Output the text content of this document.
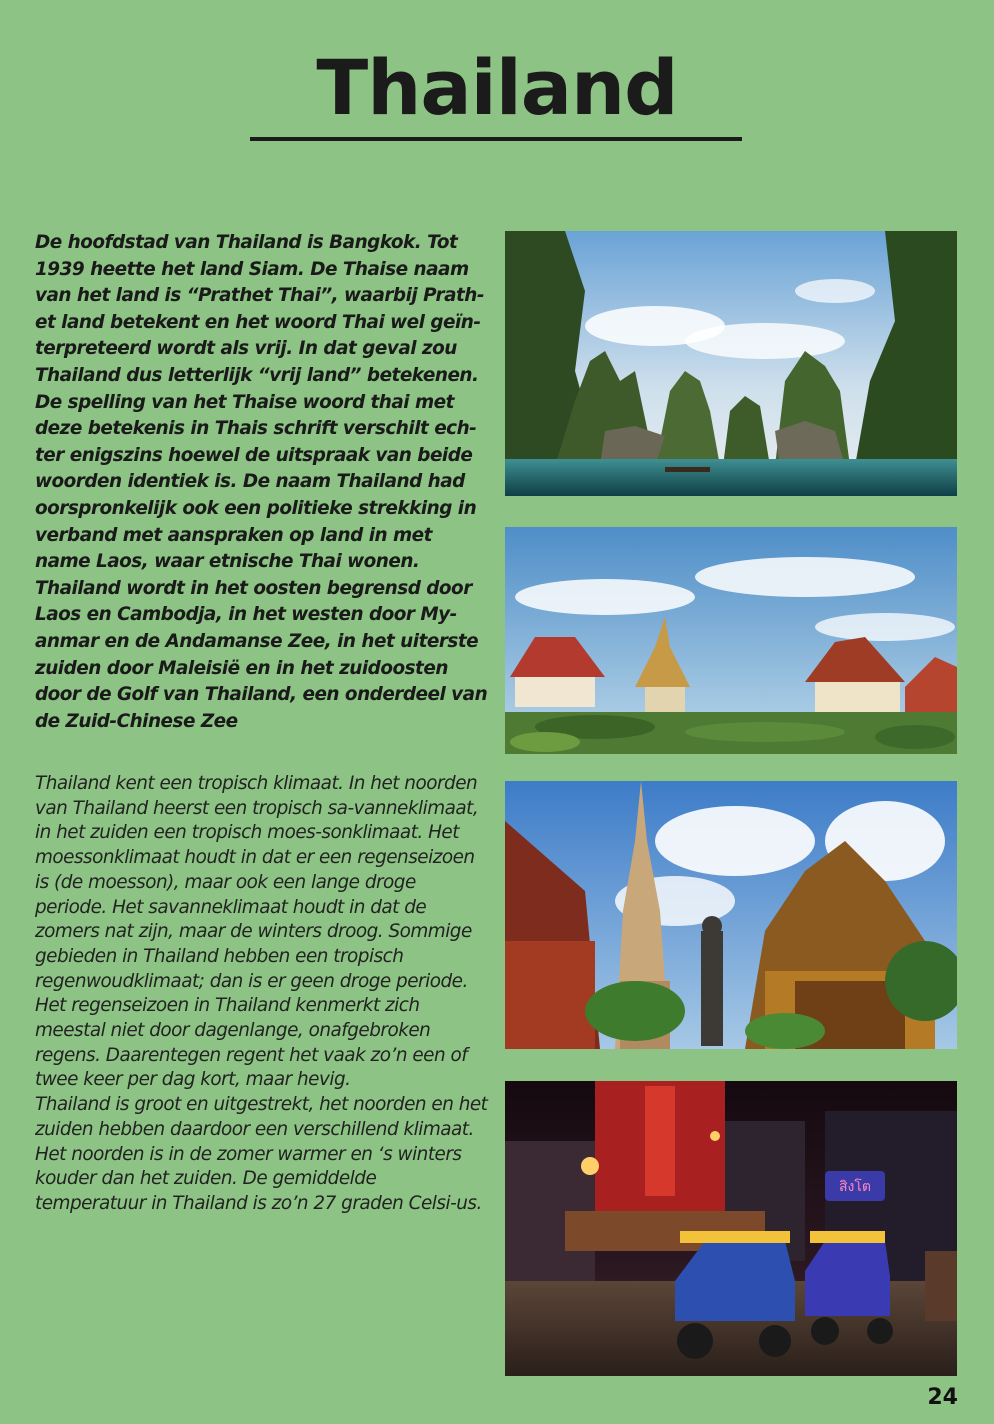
Thailand

De hoofdstad van Thailand is Bangkok. Tot 1939 heette het land Siam. De Thaise naam van het land is “Prathet Thai”, waarbij Prath-et land betekent en het woord Thai wel geïn-terpreteerd wordt als vrij. In dat geval zou Thailand dus letterlijk “vrij land” betekenen. De spelling van het Thaise woord thai met deze betekenis in Thais schrift verschilt ech-ter enigszins hoewel de uitspraak van beide woorden identiek is. De naam Thailand had oorspronkelijk ook een politieke strekking in verband met aanspraken op land in met name Laos, waar etnische Thai wonen. Thailand wordt in het oosten begrensd door Laos en Cambodja, in het westen door My-anmar en de Andamanse Zee, in het uiterste zuiden door Maleisië en in het zuidoosten door de Golf van Thailand, een onderdeel van de Zuid-Chinese Zee

Thailand kent een tropisch klimaat. In het noorden van Thailand heerst een tropisch sa-vanneklimaat, in het zuiden een tropisch moes-sonklimaat. Het moessonklimaat houdt in dat er een regenseizoen is (de moesson), maar ook een lange droge periode. Het savanneklimaat houdt in dat de zomers nat zijn, maar de winters droog. Sommige gebieden in Thailand hebben een tropisch regenwoudklimaat; dan is er geen droge periode.

Het regenseizoen in Thailand kenmerkt zich meestal niet door dagenlange, onafgebroken regens. Daarentegen regent het vaak zo’n een of twee keer per dag kort, maar hevig.

Thailand is groot en uitgestrekt, het noorden en het zuiden hebben daardoor een verschillend klimaat. Het noorden is in de zomer warmer en ‘s winters kouder dan het zuiden. De gemiddelde temperatuur in Thailand is zo’n 27 graden Celsi-us.

สิงโต
24
